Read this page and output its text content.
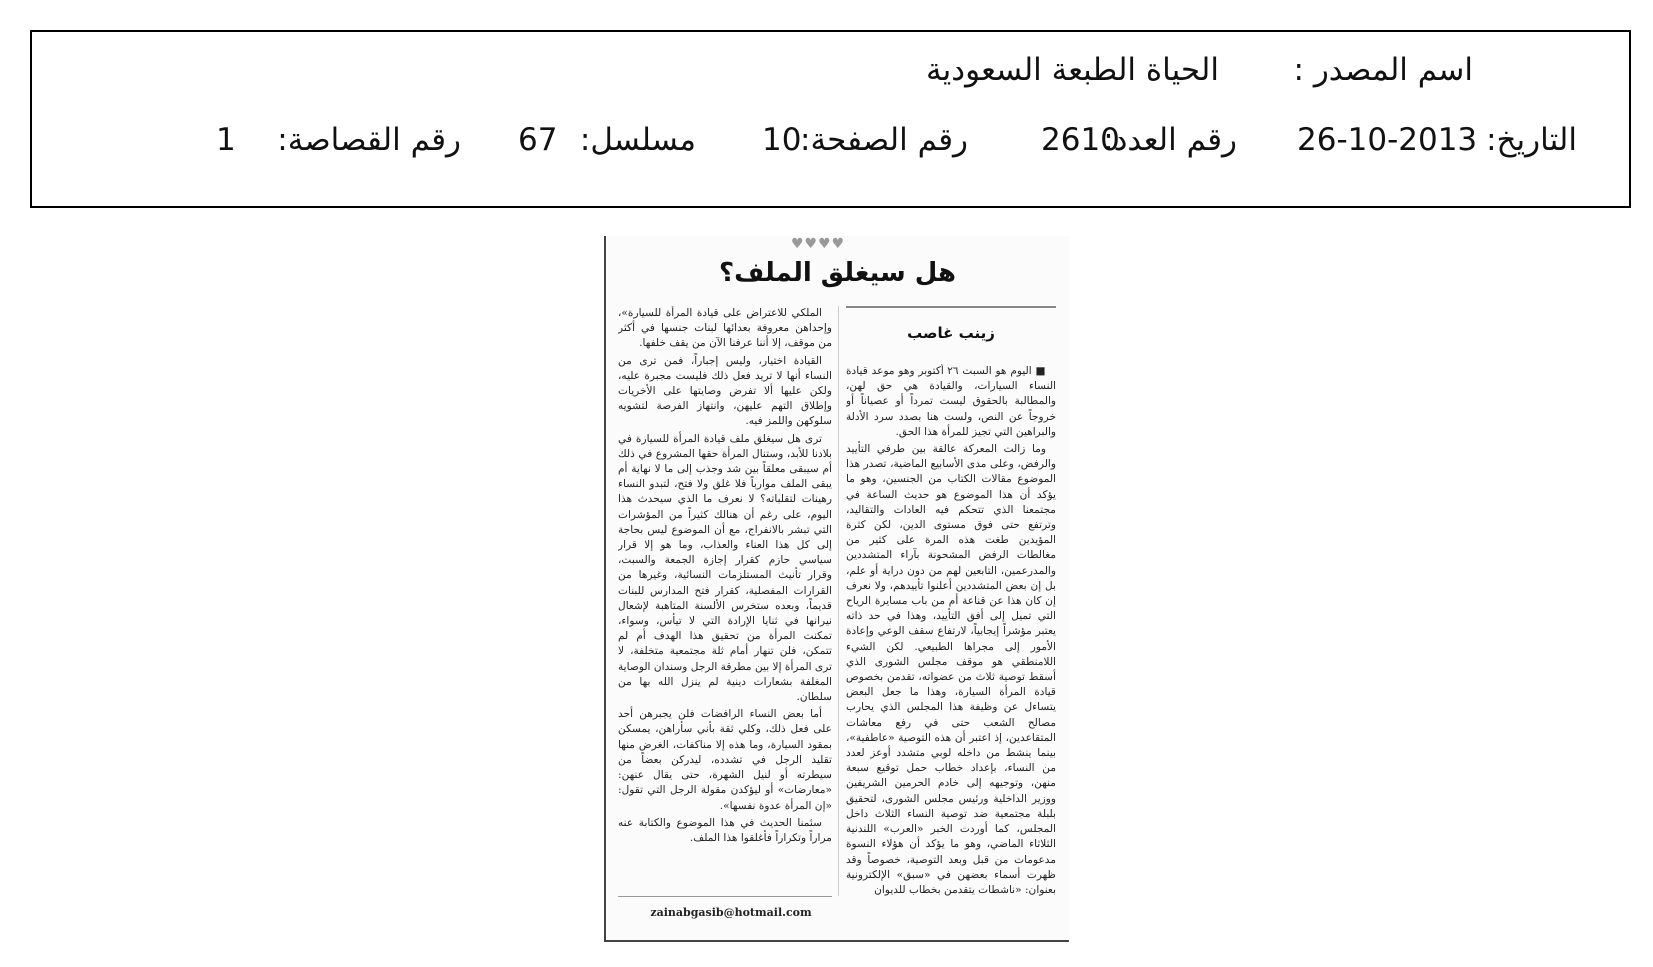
اسم المصدر :
الحياة الطبعة السعودية
التاريخ:
26-10-2013
رقم العدد:
2610
رقم الصفحة:
10
مسلسل:
67
رقم القصاصة:
1
♥♥♥♥
هل سيغلق الملف؟
زينب غاصب

■ اليوم هو السبت ٢٦ أكتوبر وهو موعد قيادة النساء السيارات، والقيادة هي حق لهن، والمطالبة بالحقوق ليست تمرداً أو عصياناً أو خروجاً عن النص، ولست هنا بصدد سرد الأدلة والبراهين التي تجيز للمرأة هذا الحق.

وما زالت المعركة عالقة بين طرفي التأييد والرفض، وعلى مدى الأسابيع الماضية، تصدر هذا الموضوع مقالات الكتاب من الجنسين، وهو ما يؤكد أن هذا الموضوع هو حديث الساعة في مجتمعنا الذي تتحكم فيه العادات والتقاليد، وترتفع حتى فوق مستوى الدين، لكن كثرة المؤيدين طغت هذه المرة على كثير من مغالطات الرفض المشحونة بآراء المتشددين والمدرعمين، التابعين لهم من دون دراية أو علم، بل إن بعض المتشددين أعلنوا تأييدهم، ولا نعرف إن كان هذا عن قناعة أم من باب مسايرة الرياح التي تميل إلى أفق التأييد، وهذا في حد ذاته يعتبر مؤشراً إيجابياً، لارتفاع سقف الوعي وإعادة الأمور إلى مجراها الطبيعي. لكن الشيء اللامنطقي هو موقف مجلس الشورى الذي أسقط توصية ثلاث من عضواته، تقدمن بخصوص قيادة المرأة السيارة، وهذا ما جعل البعض يتساءل عن وظيفة هذا المجلس الذي يحارب مصالح الشعب حتى في رفع معاشات المتقاعدين، إذ اعتبر أن هذه التوصية «عاطفية»، بينما ينشط من داخله لوبي متشدد أوعز لعدد من النساء، بإعداد خطاب حمل توقيع سبعة منهن، وتوجيهه إلى خادم الحرمين الشريفين ووزير الداخلية ورئيس مجلس الشورى، لتحقيق بلبلة مجتمعية ضد توصية النساء الثلاث داخل المجلس، كما أوردت الخبر «العرب» اللندنية الثلاثاء الماضي، وهو ما يؤكد أن هؤلاء النسوة مدعومات من قبل وبعد التوصية، خصوصاً وقد ظهرت أسماء بعضهن في «سبق» الإلكترونية بعنوان: «ناشطات يتقدمن بخطاب للديوان

الملكي للاعتراض على قيادة المرأة للسيارة»، وإحداهن معروفة بعدائها لبنات جنسها في أكثر من موقف، إلا أننا عرفنا الآن من يقف خلفها.

القيادة اختيار، وليس إجباراً، فمن ترى من النساء أنها لا تريد فعل ذلك فليست مجبرة عليه، ولكن عليها ألا تفرض وصايتها على الأخريات وإطلاق التهم عليهن، وانتهاز الفرصة لتشويه سلوكهن واللمز فيه.

ترى هل سيغلق ملف قيادة المرأة للسيارة في بلادنا للأبد، وستنال المرأة حقها المشروع في ذلك أم سيبقى معلقاً بين شد وجذب إلى ما لا نهاية أم يبقى الملف موارباً فلا غلق ولا فتح، لتبدو النساء رهينات لتقلباته؟ لا نعرف ما الذي سيحدث هذا اليوم، على رغم أن هنالك كثيراً من المؤشرات التي تبشر بالانفراج، مع أن الموضوع ليس بحاجة إلى كل هذا العناء والعذاب، وما هو إلا قرار سياسي حازم كقرار إجازة الجمعة والسبت، وقرار تأنيث المستلزمات النسائية، وغيرها من القرارات المفصلية، كقرار فتح المدارس للبنات قديماً، وبعده ستخرس الألسنة المتاهبة لإشعال نيرانها في ثنايا الإرادة التي لا تيأس، وسواء، تمكنت المرأة من تحقيق هذا الهدف أم لم تتمكن، فلن تنهار أمام ثلة مجتمعية متخلفة، لا ترى المرأة إلا بين مطرقة الرجل وسندان الوصاية المغلفة بشعارات دينية لم ينزل الله بها من سلطان.

أما بعض النساء الرافضات فلن يجبرهن أحد على فعل ذلك، وكلي ثقة بأني سأراهن، يمسكن بمقود السيارة، وما هذه إلا مناكفات، الغرض منها تقليد الرجل في تشدده، ليدركن بعضاً من سيطرته أو لنيل الشهرة، حتى يقال عنهن: «معارضات» أو ليؤكدن مقولة الرجل التي تقول: «إن المرأة عدوة نفسها».

سئمنا الحديث في هذا الموضوع والكتابة عنه مراراً وتكراراً فأغلقوا هذا الملف.

zainabgasib@hotmail.com
